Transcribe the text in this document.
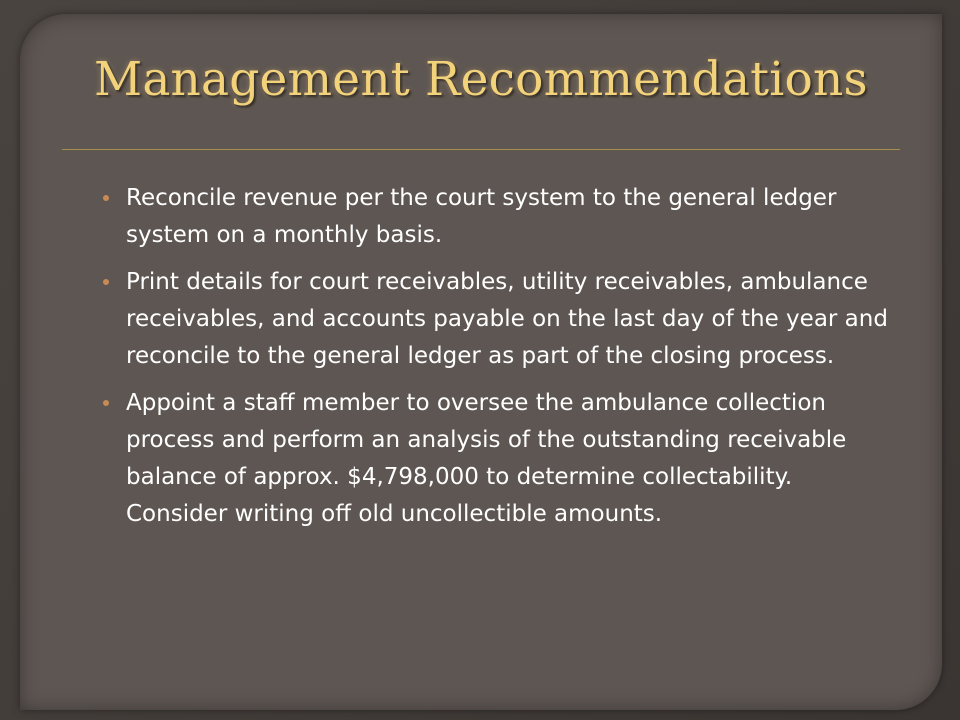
Management Recommendations
Reconcile revenue per the court system to the general ledger system on a monthly basis.
Print details for court receivables, utility receivables, ambulance receivables, and accounts payable on the last day of the year and reconcile to the general ledger as part of the closing process.
Appoint a staff member to oversee the ambulance collection process and perform an analysis of the outstanding receivable balance of approx. $4,798,000 to determine collectability. Consider writing off old uncollectible amounts.
